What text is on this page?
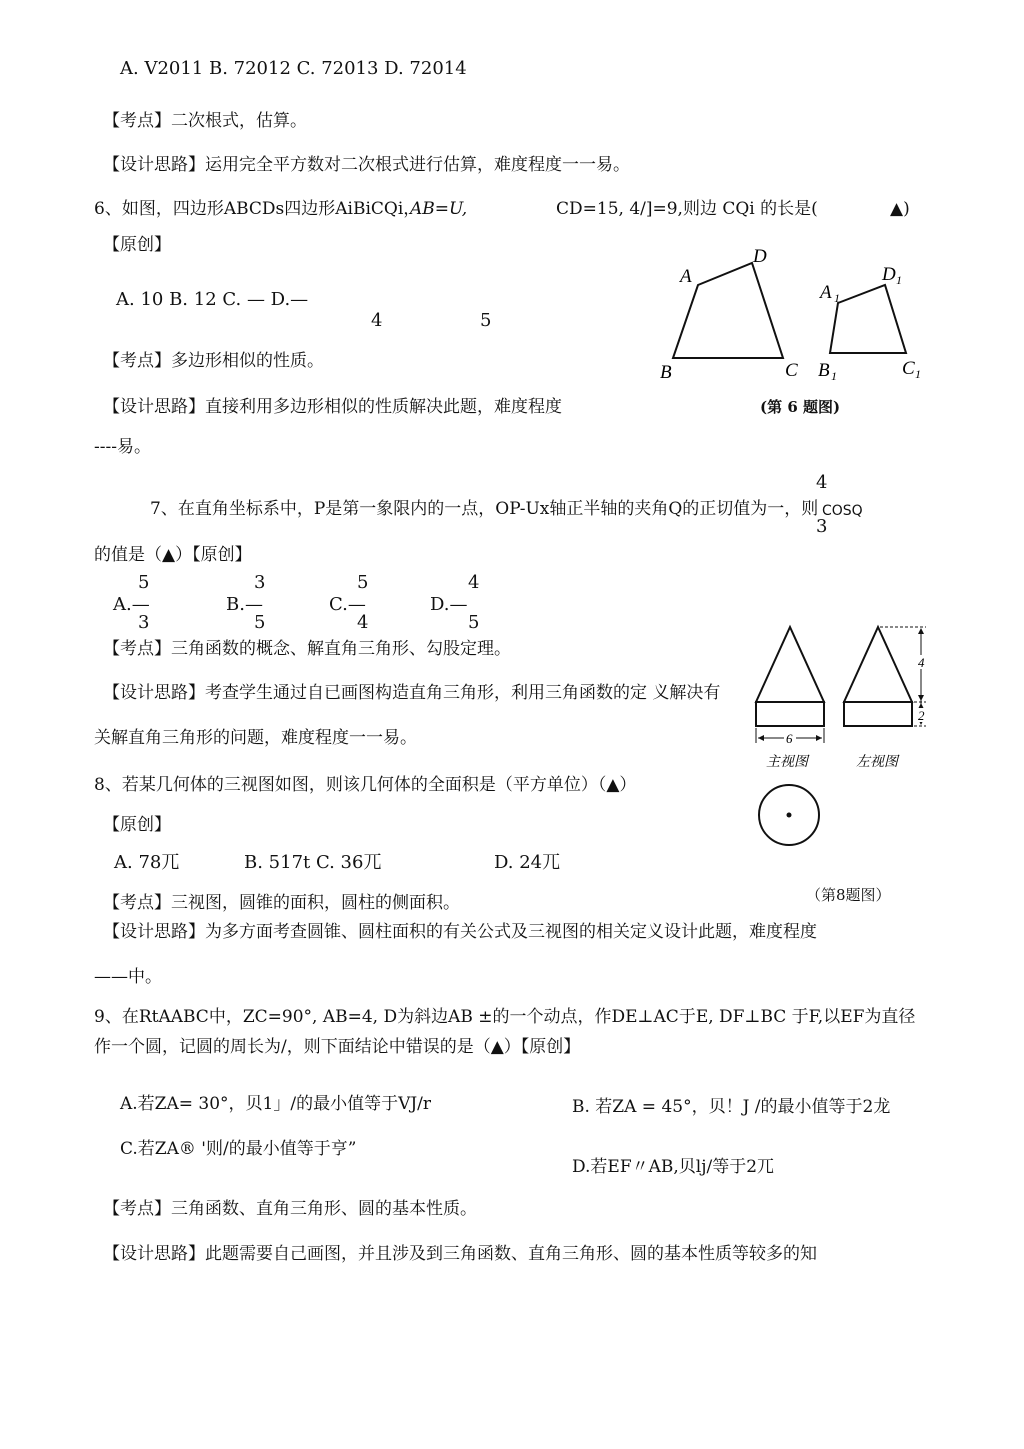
A. V2011 B. 72012 C. 72013 D. 72014
【考点】二次根式，估算。
【设计思路】运用完全平方数对二次根式进行估算，难度程度一一易。
6、如图，四边形ABCDs四边形AiBiCQi，
AB=U,	CD=15, 4/]=9,则边 CQi 的长是(	▲)
【原创】
A. 10 B. 12 C. — D.—
4	5
【考点】多边形相似的性质。
【设计思路】直接利用多边形相似的性质解决此题，难度程度
----易。
A
D
B	C
A 1
D 1
B 1	C 1
(第 6 题图)
4
7、在直角坐标系中，P是第一象限内的一点，OP-Ux轴正半轴的夹角Q的正切值为一，则 COSQ
3
的值是（▲）【原创】
5	3	5	4
A.—	B.—	C.—	D.—
3	5	4	5
【考点】三角函数的概念、解直角三角形、勾股定理。
【设计思路】考查学生通过自已画图构造直角三角形，利用三角函数的定 义解决有
关解直角三角形的问题，难度程度一一易。
8、若某几何体的三视图如图，则该几何体的全面积是（平方单位）（▲）
【原创】
A. 78兀	B. 517t C. 36兀	D. 24兀
【考点】三视图，圆锥的面积，圆柱的侧面积。
【设计思路】为多方面考查圆锥、圆柱面积的有关公式及三视图的相关定义设计此题，难度程度
——中。
6
4
2
主视图	左视图
（第8题图）
9、在RtAABC中，ZC=90°, AB=4, D为斜边AB ±的一个动点，作DE⊥AC于E, DF⊥BC 于F,以EF为直径
作一个圆，记圆的周长为/，则下面结论中错误的是（▲）【原创】
A.若ZA= 30°，贝1」/的最小值等于VJ/r	B. 若ZA = 45°，贝！J /的最小值等于2龙
C.若ZA® '则/的最小值等于亨”
D.若EF〃AB,贝lj/等于2兀
【考点】三角函数、直角三角形、圆的基本性质。
【设计思路】此题需要自己画图，并且涉及到三角函数、直角三角形、圆的基本性质等较多的知
